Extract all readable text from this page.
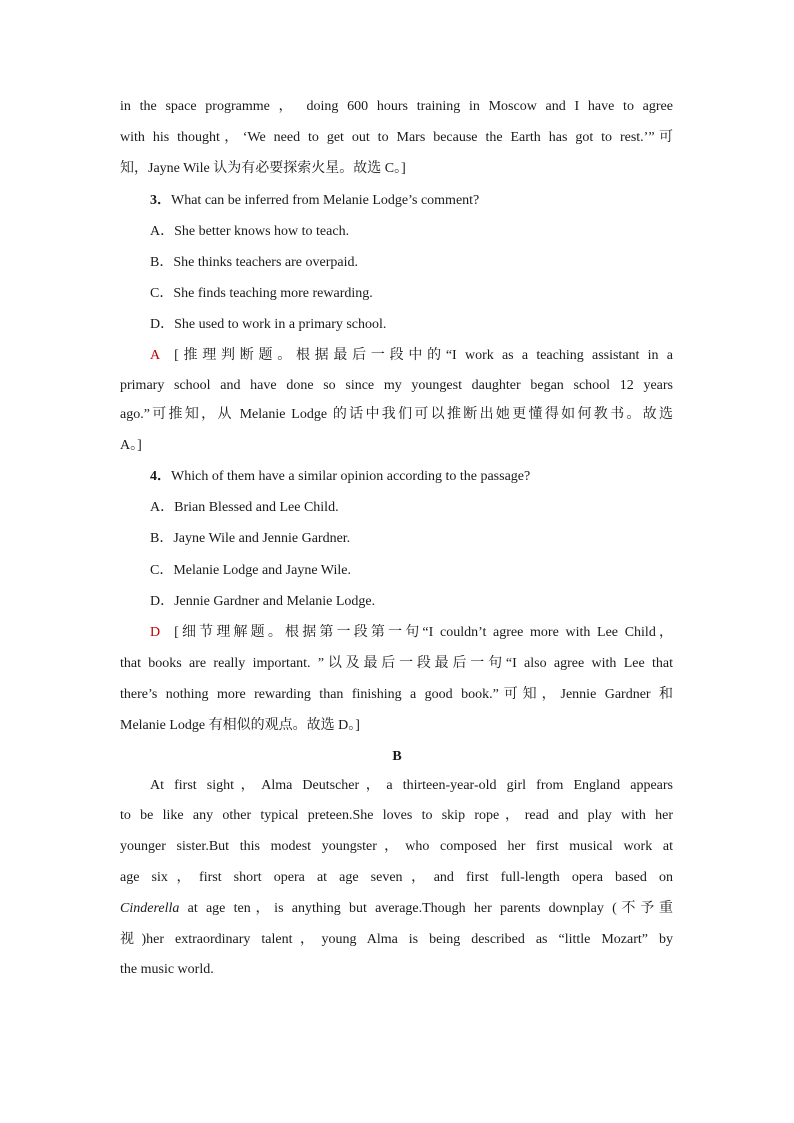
in the space programme ， doing 600 hours training in Moscow and I have to agree
with his thought，‘We need to get out to Mars because the Earth has got to rest.’”可
知，Jayne Wile 认为有必要探索火星。故选 C。]
3．What can be inferred from Melanie Lodge’s comment?
A．She better knows how to teach.
B．She thinks teachers are overpaid.
C．She finds teaching more rewarding.
D．She used to work in a primary school.
A [推理判断题。根据最后一段中的“I work as a teaching assistant in a
primary school and have done so since my youngest daughter began school 12 years
ago.”可推知，从 Melanie Lodge 的话中我们可以推断出她更懂得如何教书。故选
A。]
4．Which of them have a similar opinion according to the passage?
A．Brian Blessed and Lee Child.
B．Jayne Wile and Jennie Gardner.
C．Melanie Lodge and Jayne Wile.
D．Jennie Gardner and Melanie Lodge.
D [细节理解题。根据第一段第一句“I couldn’t agree more with Lee Child，
that books are really important. ”以及最后一段最后一句“I also agree with Lee that
there’s nothing more rewarding than finishing a good book.”可知，Jennie Gardner 和
Melanie Lodge 有相似的观点。故选 D。]
B
At first sight，Alma Deutscher，a thirteen-year-old girl from England appears
to be like any other typical preteen.She loves to skip rope，read and play with her
younger sister.But this modest youngster，who composed her first musical work at
age six，first short opera at age seven，and first full-length opera based on
Cinderella at age ten，is anything but average.Though her parents downplay (不予重
视)her extraordinary talent，young Alma is being described as “little Mozart” by
the music world.
